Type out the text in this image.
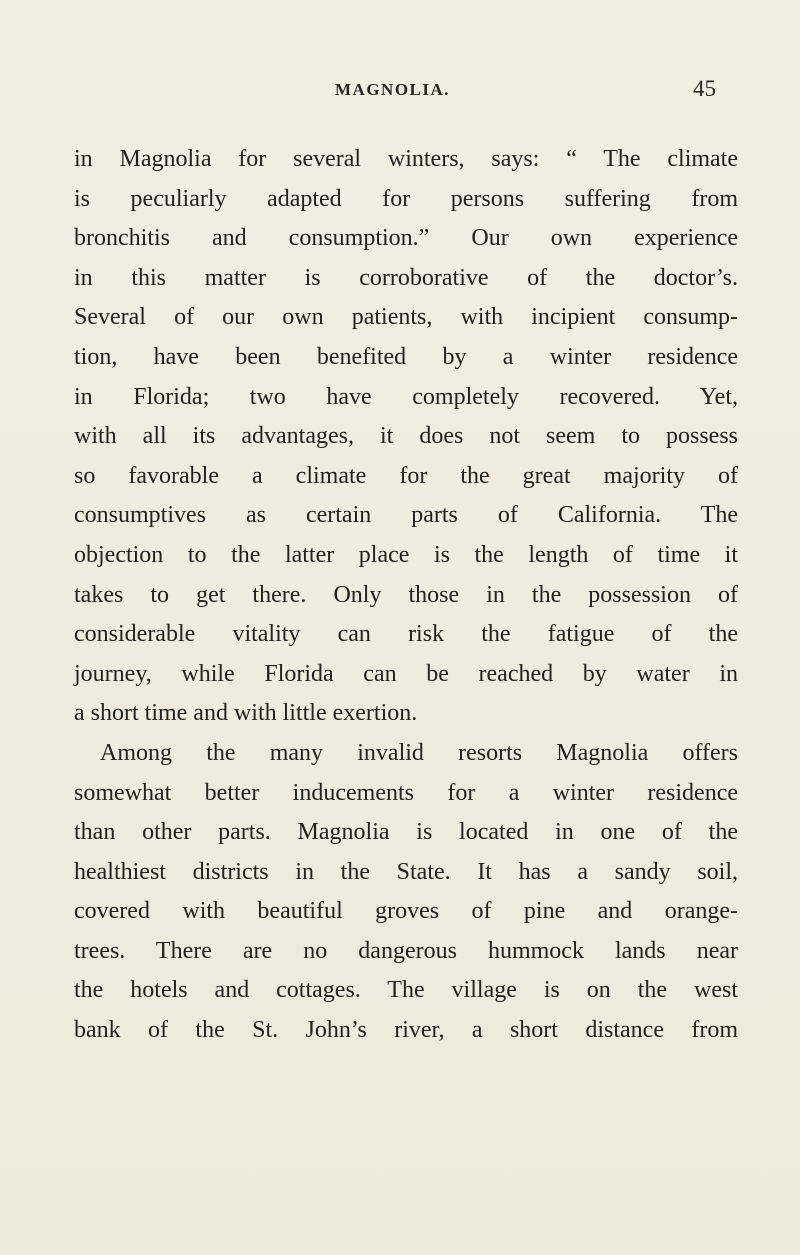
MAGNOLIA.	45
in Magnolia for several winters, says: “ The climate
is peculiarly adapted for persons suffering from
bronchitis and consumption.” Our own experience
in this matter is corroborative of the doctor’s.
Several of our own patients, with incipient consump-
tion, have been benefited by a winter residence
in Florida; two have completely recovered. Yet,
with all its advantages, it does not seem to possess
so favorable a climate for the great majority of
consumptives as certain parts of California. The
objection to the latter place is the length of time it
takes to get there. Only those in the possession of
considerable vitality can risk the fatigue of the
journey, while Florida can be reached by water in
a short time and with little exertion.
Among the many invalid resorts Magnolia offers
somewhat better inducements for a winter residence
than other parts. Magnolia is located in one of the
healthiest districts in the State. It has a sandy soil,
covered with beautiful groves of pine and orange-
trees. There are no dangerous hummock lands near
the hotels and cottages. The village is on the west
bank of the St. John’s river, a short distance from
